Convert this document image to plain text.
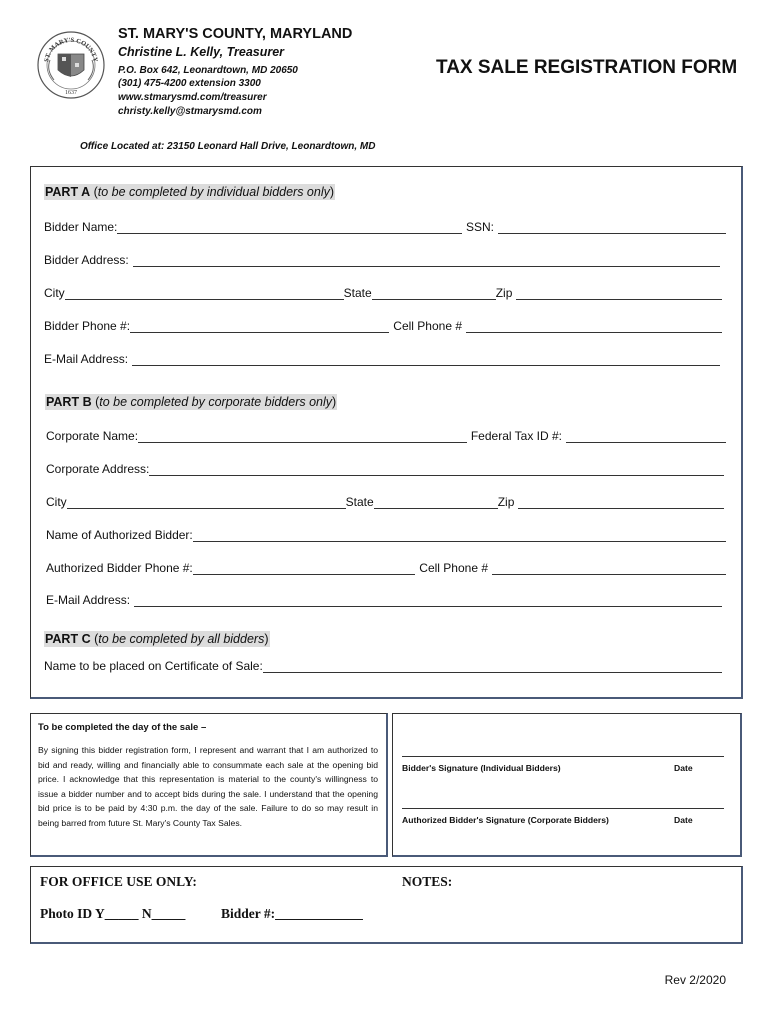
ST. MARY'S COUNTY
1637
ST. MARY'S COUNTY, MARYLAND
Christine L. Kelly, Treasurer
P.O. Box 642, Leonardtown, MD 20650
(301) 475-4200 extension 3300
www.stmarysmd.com/treasurer
christy.kelly@stmarysmd.com
TAX SALE REGISTRATION FORM
Office Located at: 23150 Leonard Hall Drive, Leonardtown, MD
PART A (to be completed by individual bidders only)
Bidder Name:	SSN:
Bidder Address:
City	State	Zip
Bidder Phone #:	Cell Phone #
E-Mail Address:
PART B (to be completed by corporate bidders only)
Corporate Name:	Federal Tax ID #:
Corporate Address:
City	State	Zip
Name of Authorized Bidder:
Authorized Bidder Phone #:	Cell Phone #
E-Mail Address:
PART C (to be completed by all bidders)
Name to be placed on Certificate of Sale:
To be completed the day of the sale –
By signing this bidder registration form, I represent and warrant that I am authorized to bid and ready, willing and financially able to consummate each sale at the opening bid price. I acknowledge that this representation is material to the county's willingness to issue a bidder number and to accept bids during the sale. I understand that the opening bid price is to be paid by 4:30 p.m. the day of the sale. Failure to do so may result in being barred from future St. Mary's County Tax Sales.
Bidder's Signature (Individual Bidders)	Date
Authorized Bidder's Signature (Corporate Bidders)	Date
FOR OFFICE USE ONLY:	NOTES:
Photo ID Y_____ N_____	Bidder #:_____________
Rev 2/2020
